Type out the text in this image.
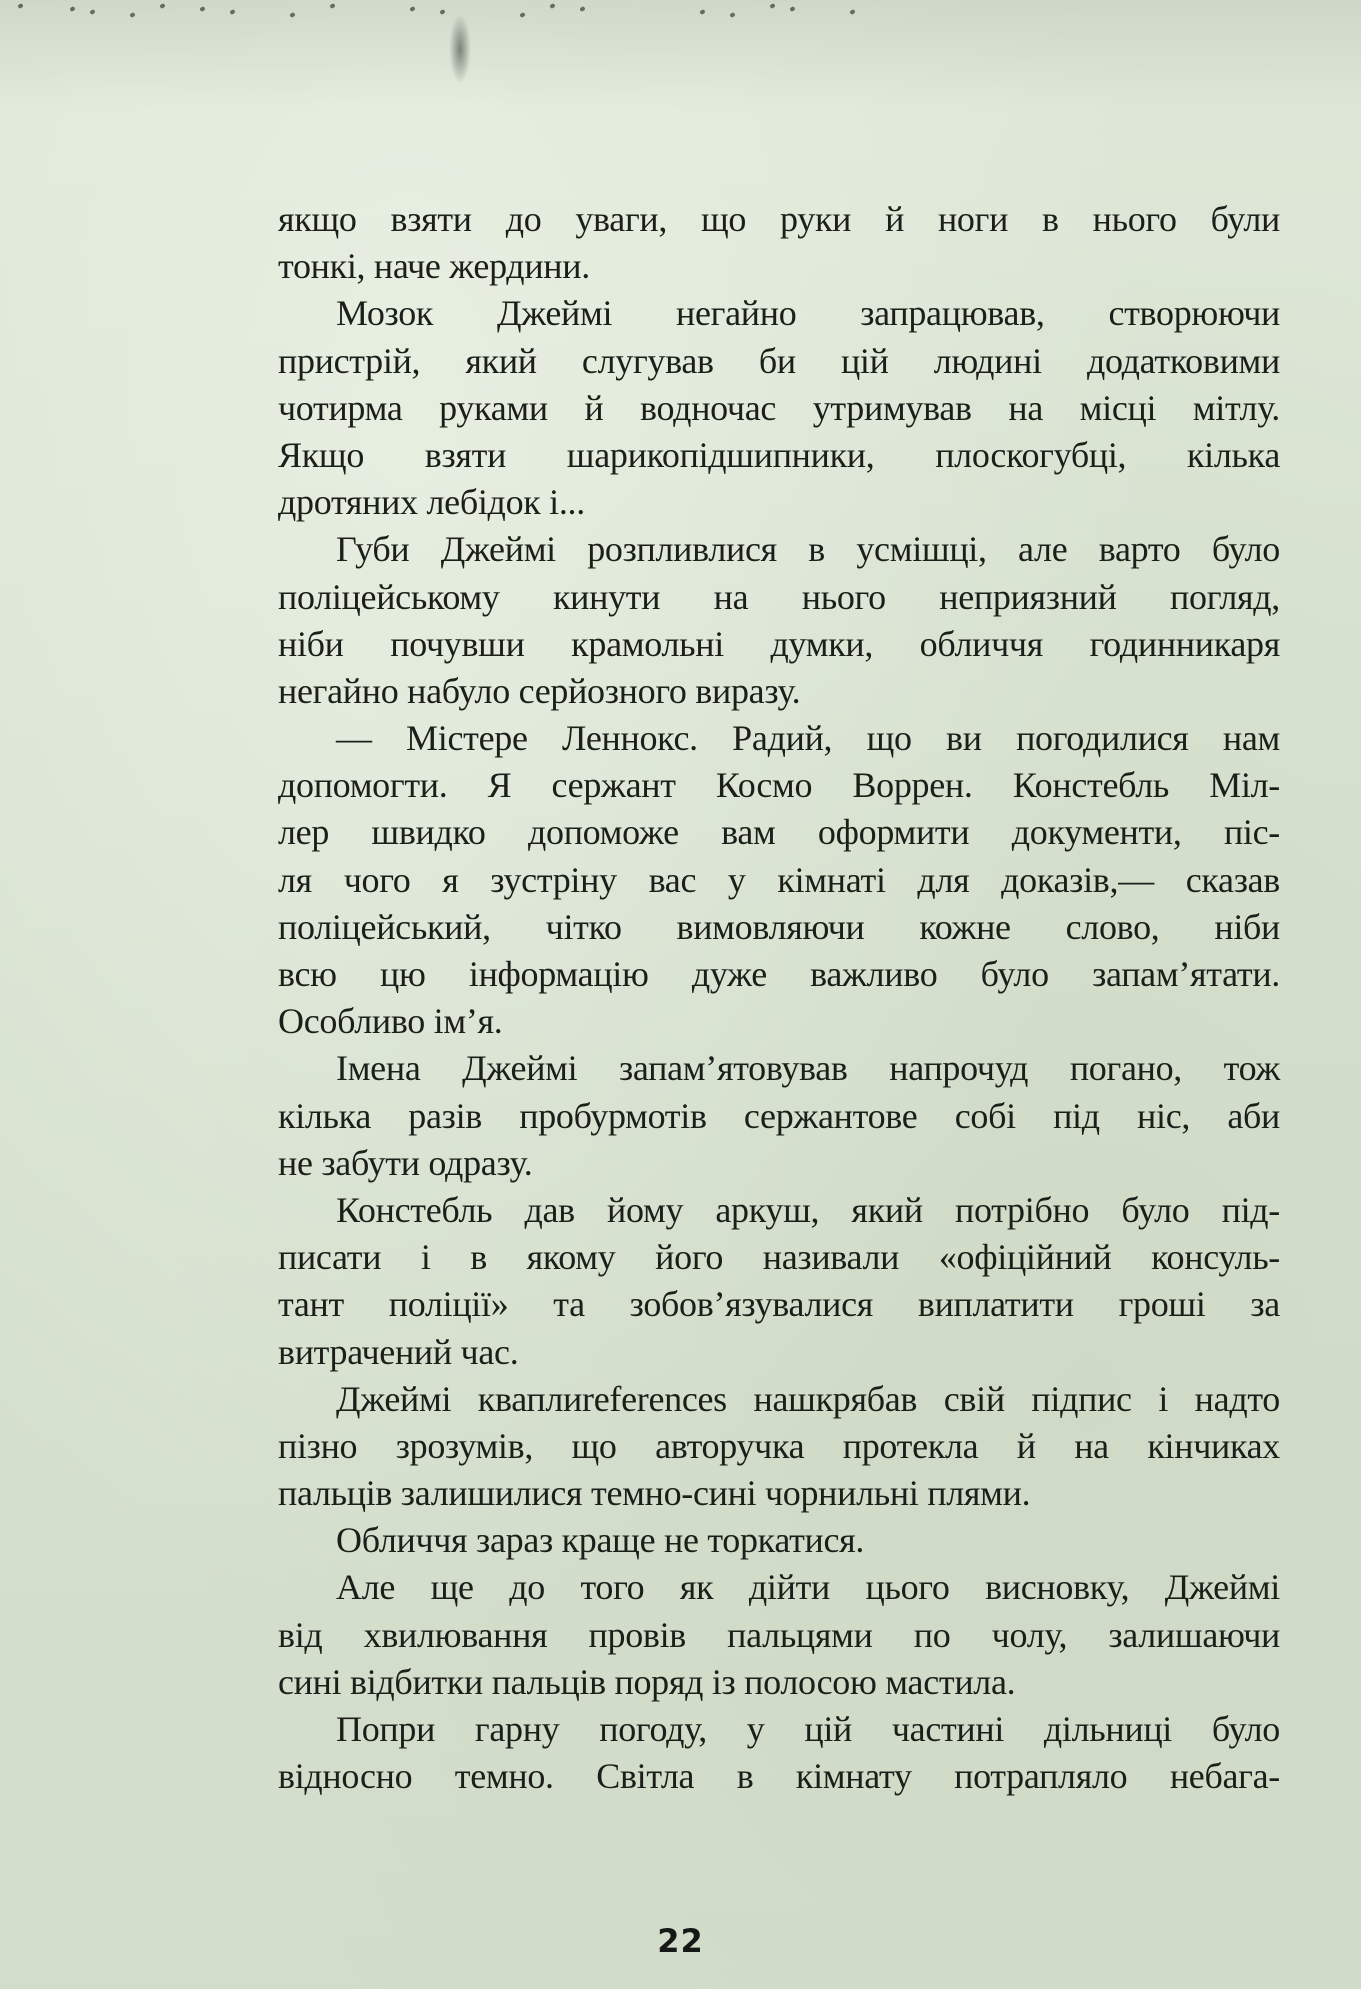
якщо взяти до уваги, що руки й ноги в нього були
тонкі, наче жердини.
Мозок Джеймі негайно запрацював, створюючи
пристрій, який слугував би цій людині додатковими
чотирма руками й водночас утримував на місці мітлу.
Якщо взяти шарикопідшипники, плоскогубці, кілька
дротяних лебідок і...
Губи Джеймі розпливлися в усмішці, але варто було
поліцейському кинути на нього неприязний погляд,
ніби почувши крамольні думки, обличчя годинникаря
негайно набуло серйозного виразу.
— Містере Леннокс. Радий, що ви погодилися нам
допомогти. Я сержант Космо Воррен. Констебль Міл-
лер швидко допоможе вам оформити документи, піс-
ля чого я зустріну вас у кімнаті для доказів,— сказав
поліцейський, чітко вимовляючи кожне слово, ніби
всю цю інформацію дуже важливо було запам’ятати.
Особливо ім’я.
Імена Джеймі запам’ятовував напрочуд погано, тож
кілька разів пробурмотів сержантове собі під ніс, аби
не забути одразу.
Констебль дав йому аркуш, який потрібно було під-
писати і в якому його називали «офіційний консуль-
тант поліції» та зобов’язувалися виплатити гроші за
витрачений час.
Джеймі кваплиreferences нашкрябав свій підпис і надто
пізно зрозумів, що авторучка протекла й на кінчиках
пальців залишилися темно-сині чорнильні плями.
Обличчя зараз краще не торкатися.
Але ще до того як дійти цього висновку, Джеймі
від хвилювання провів пальцями по чолу, залишаючи
сині відбитки пальців поряд із полосою мастила.
Попри гарну погоду, у цій частині дільниці було
відносно темно. Світла в кімнату потрапляло небага-
22
